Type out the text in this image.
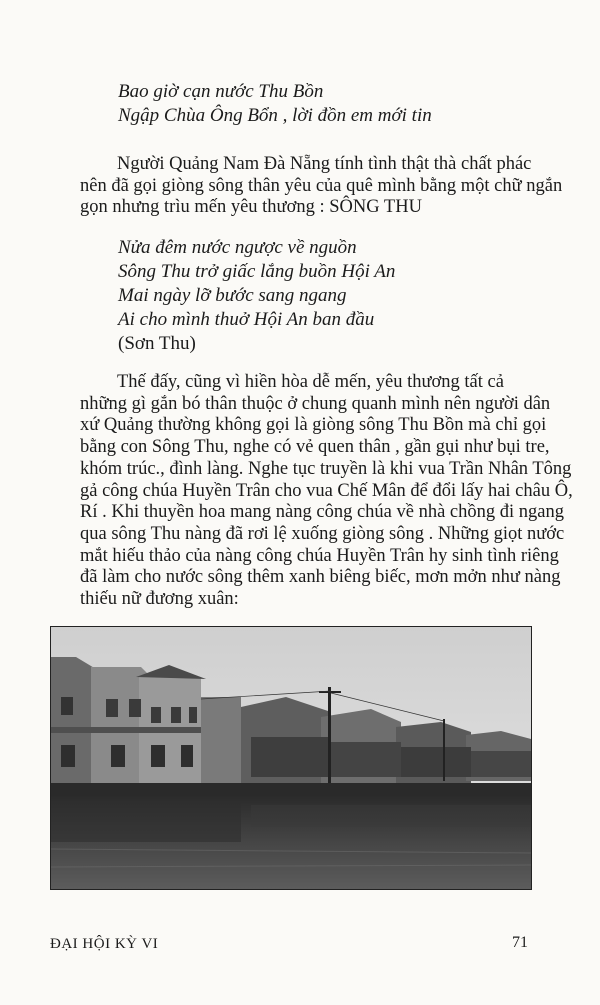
Bao giờ cạn nước Thu Bồn
Ngập Chùa Ông Bổn , lời đồn em mới tin
Người Quảng Nam Đà Nẵng tính tình thật thà chất phác
nên đã gọi giòng sông thân yêu của quê mình bằng một chữ ngắn
gọn nhưng trìu mến yêu thương : SÔNG THU
Nửa đêm nước ngược về nguồn
Sông Thu trở giấc lắng buồn Hội An
Mai ngày lỡ bước sang ngang
Ai cho mình thuở Hội An ban đầu
(Sơn Thu)
Thế đấy, cũng vì hiền hòa dễ mến, yêu thương tất cả
những gì gắn bó thân thuộc ở chung quanh mình nên người dân
xứ Quảng thường không gọi là giòng sông Thu Bồn mà chỉ gọi
bằng con Sông Thu, nghe có vẻ quen thân , gần gụi như bụi tre,
khóm trúc., đình làng. Nghe tục truyền là khi vua Trần Nhân Tông
gả công chúa Huyền Trân cho vua Chế Mân để đổi lấy hai châu Ô,
Rí . Khi thuyền hoa mang nàng công chúa về nhà chồng đi ngang
qua sông Thu nàng đã rơi lệ xuống giòng sông . Những giọt nước
mắt hiếu thảo của nàng công chúa Huyền Trân hy sinh tình riêng
đã làm cho nước sông thêm xanh biêng biếc, mơn mởn như nàng
thiếu nữ đương xuân:
ĐẠI HỘI KỲ VI	71
